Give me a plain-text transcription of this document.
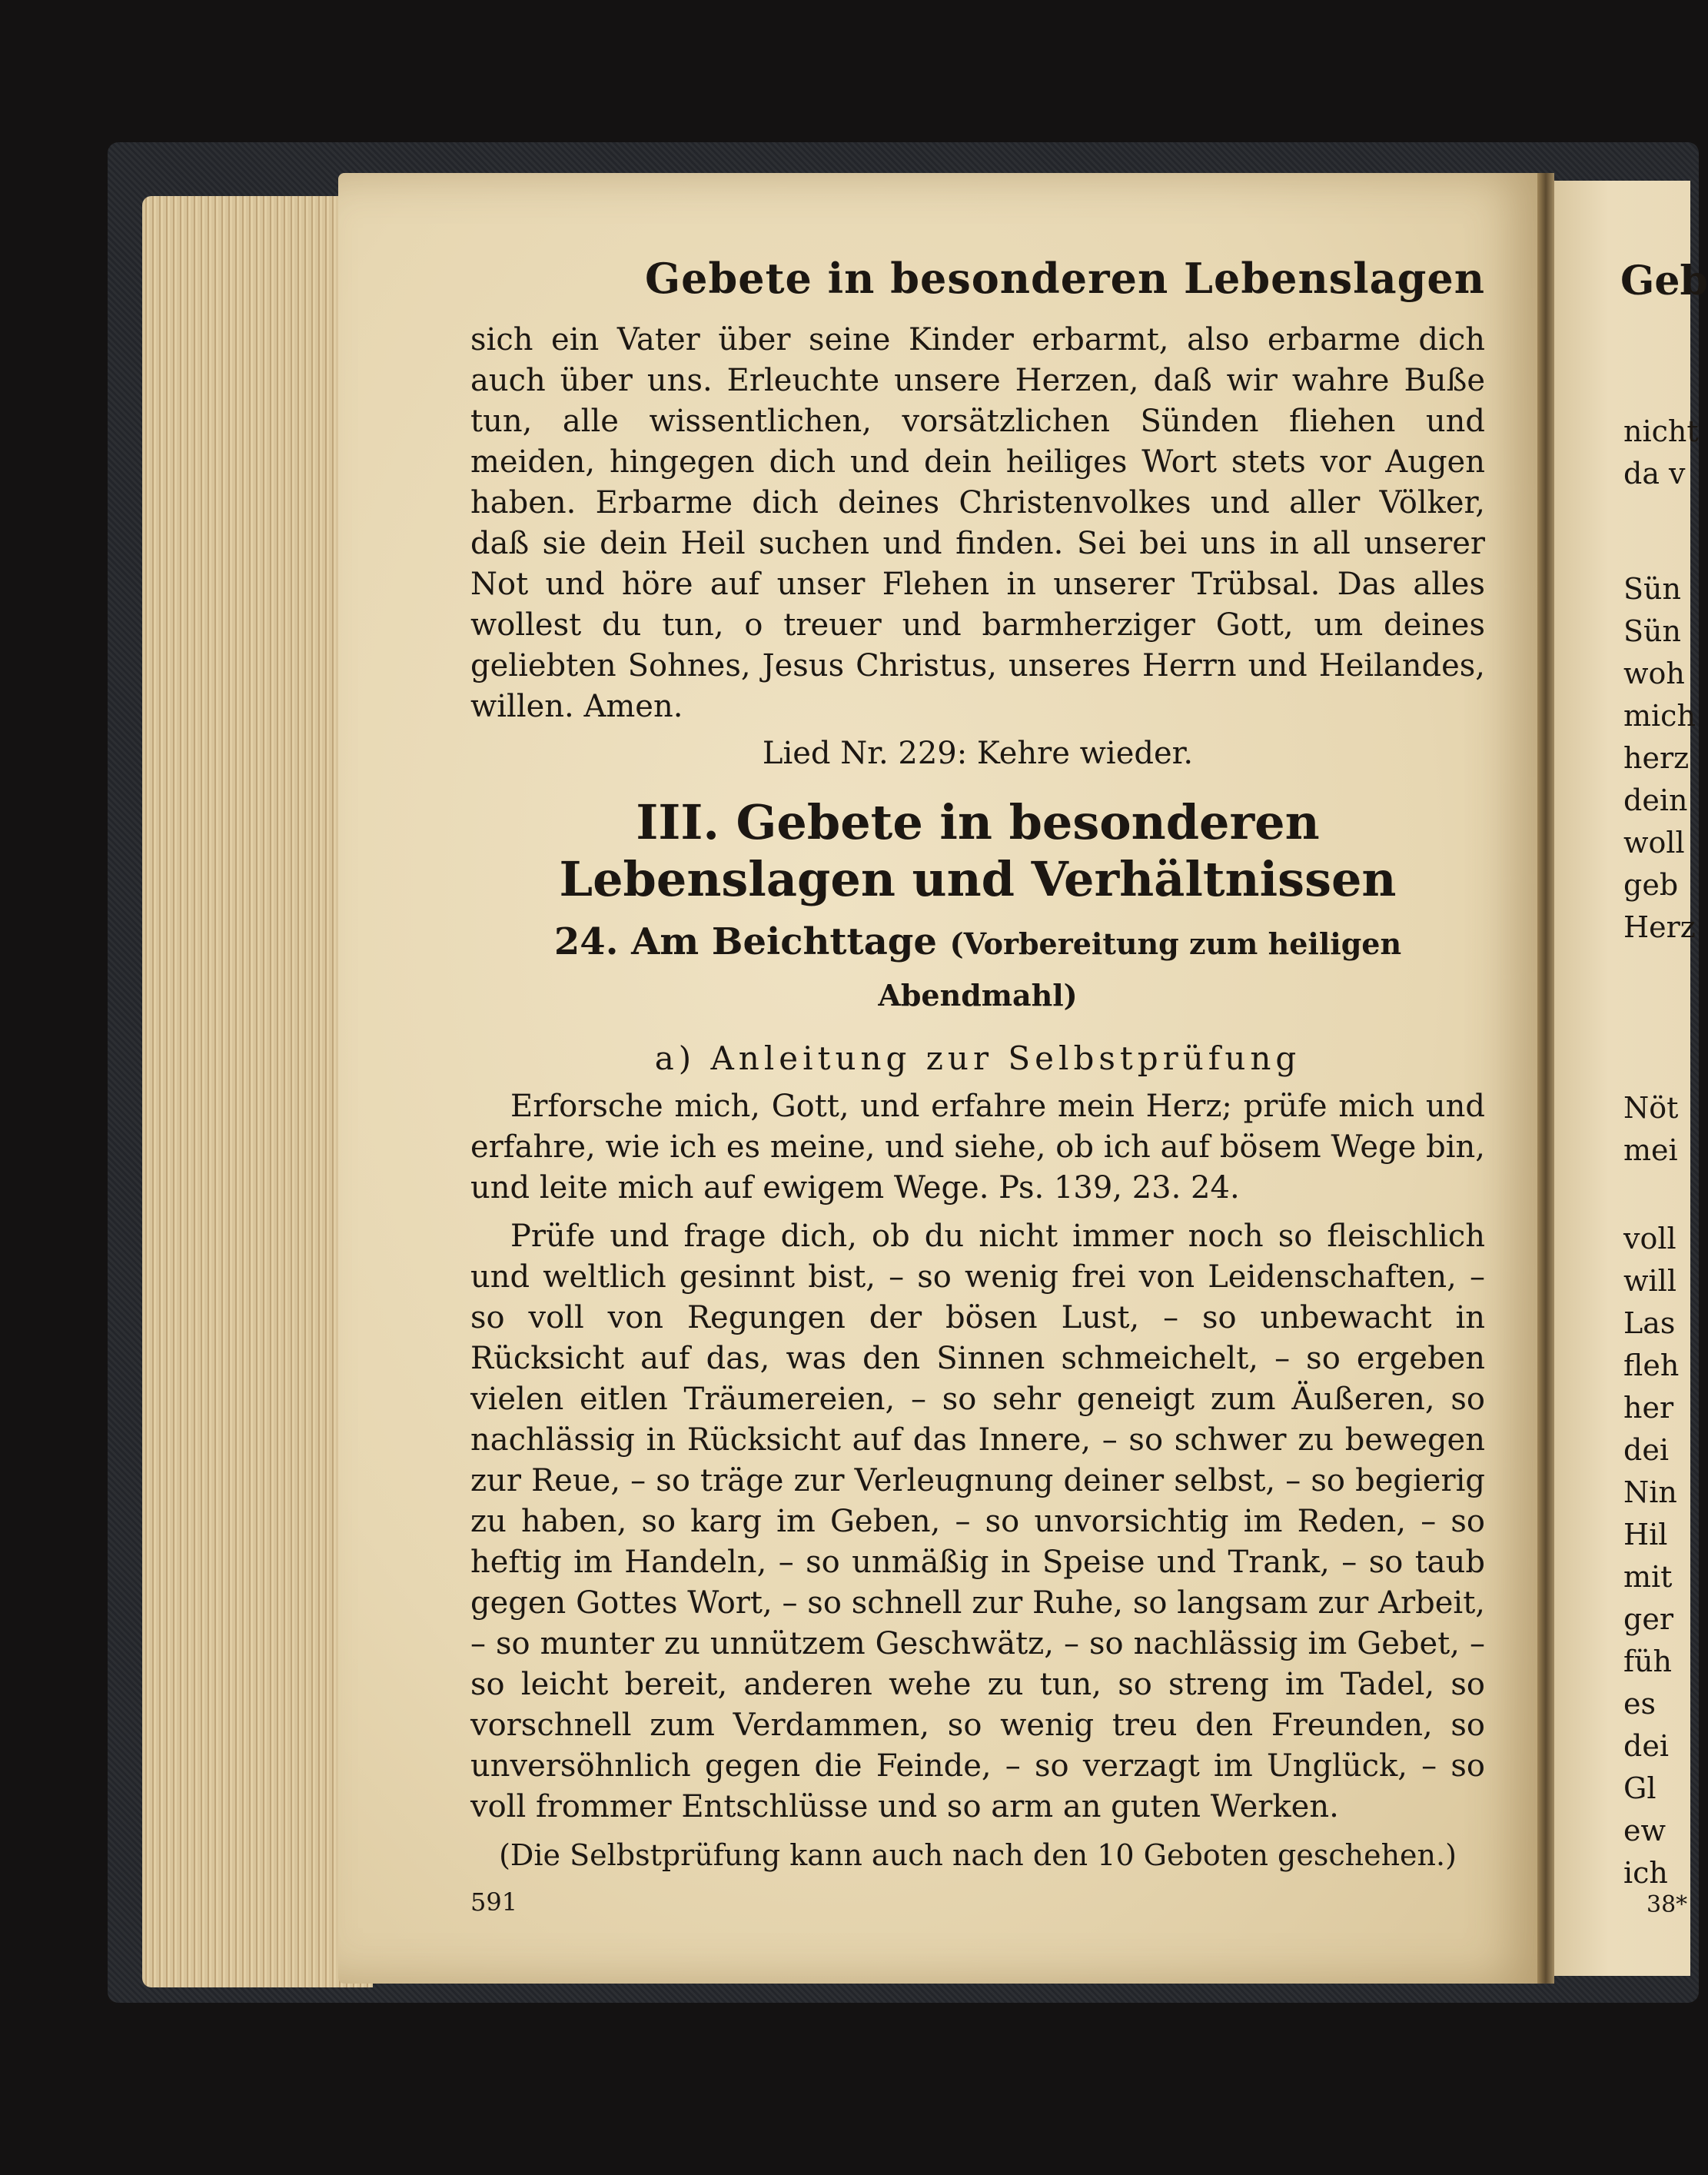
Gebete in besonderen Lebenslagen

sich ein Vater über seine Kinder erbarmt, also erbarme dich auch über uns. Erleuchte unsere Herzen, daß wir wahre Buße tun, alle wissentlichen, vorsätzlichen Sünden fliehen und meiden, hingegen dich und dein heiliges Wort stets vor Augen haben. Erbarme dich deines Christenvolkes und aller Völker, daß sie dein Heil suchen und finden. Sei bei uns in all unserer Not und höre auf unser Flehen in unserer Trübsal. Das alles wollest du tun, o treuer und barmherziger Gott, um deines geliebten Sohnes, Jesus Christus, unseres Herrn und Heilandes, willen. Amen.

Lied Nr. 229: Kehre wieder.
III. Gebete in besonderen Lebenslagen und Verhältnissen
24. Am Beichttage (Vorbereitung zum heiligen Abendmahl)
a) Anleitung zur Selbstprüfung

Erforsche mich, Gott, und erfahre mein Herz; prüfe mich und erfahre, wie ich es meine, und siehe, ob ich auf bösem Wege bin, und leite mich auf ewigem Wege. Ps. 139, 23. 24.

Prüfe und frage dich, ob du nicht immer noch so fleischlich und weltlich gesinnt bist, – so wenig frei von Leidenschaften, – so voll von Regungen der bösen Lust, – so unbewacht in Rücksicht auf das, was den Sinnen schmeichelt, – so ergeben vielen eitlen Träumereien, – so sehr geneigt zum Äußeren, so nachlässig in Rücksicht auf das Innere, – so schwer zu bewegen zur Reue, – so träge zur Verleugnung deiner selbst, – so begierig zu haben, so karg im Geben, – so unvorsichtig im Reden, – so heftig im Handeln, – so unmäßig in Speise und Trank, – so taub gegen Gottes Wort, – so schnell zur Ruhe, so langsam zur Arbeit, – so munter zu unnützem Geschwätz, – so nachlässig im Gebet, – so leicht bereit, anderen wehe zu tun, so streng im Tadel, so vorschnell zum Verdammen, so wenig treu den Freunden, so unversöhnlich gegen die Feinde, – so verzagt im Unglück, – so voll frommer Entschlüsse und so arm an guten Werken.

(Die Selbstprüfung kann auch nach den 10 Geboten geschehen.)
591
Geb
nicht
da v
Sün
Sün
woh
mich
herz
dein
woll
geb
Herz
Nöt
mei
voll
will
Las
fleh
her
dei
Nin
Hil
mit
ger
füh
es
dei
Gl
ew
ich
38*
